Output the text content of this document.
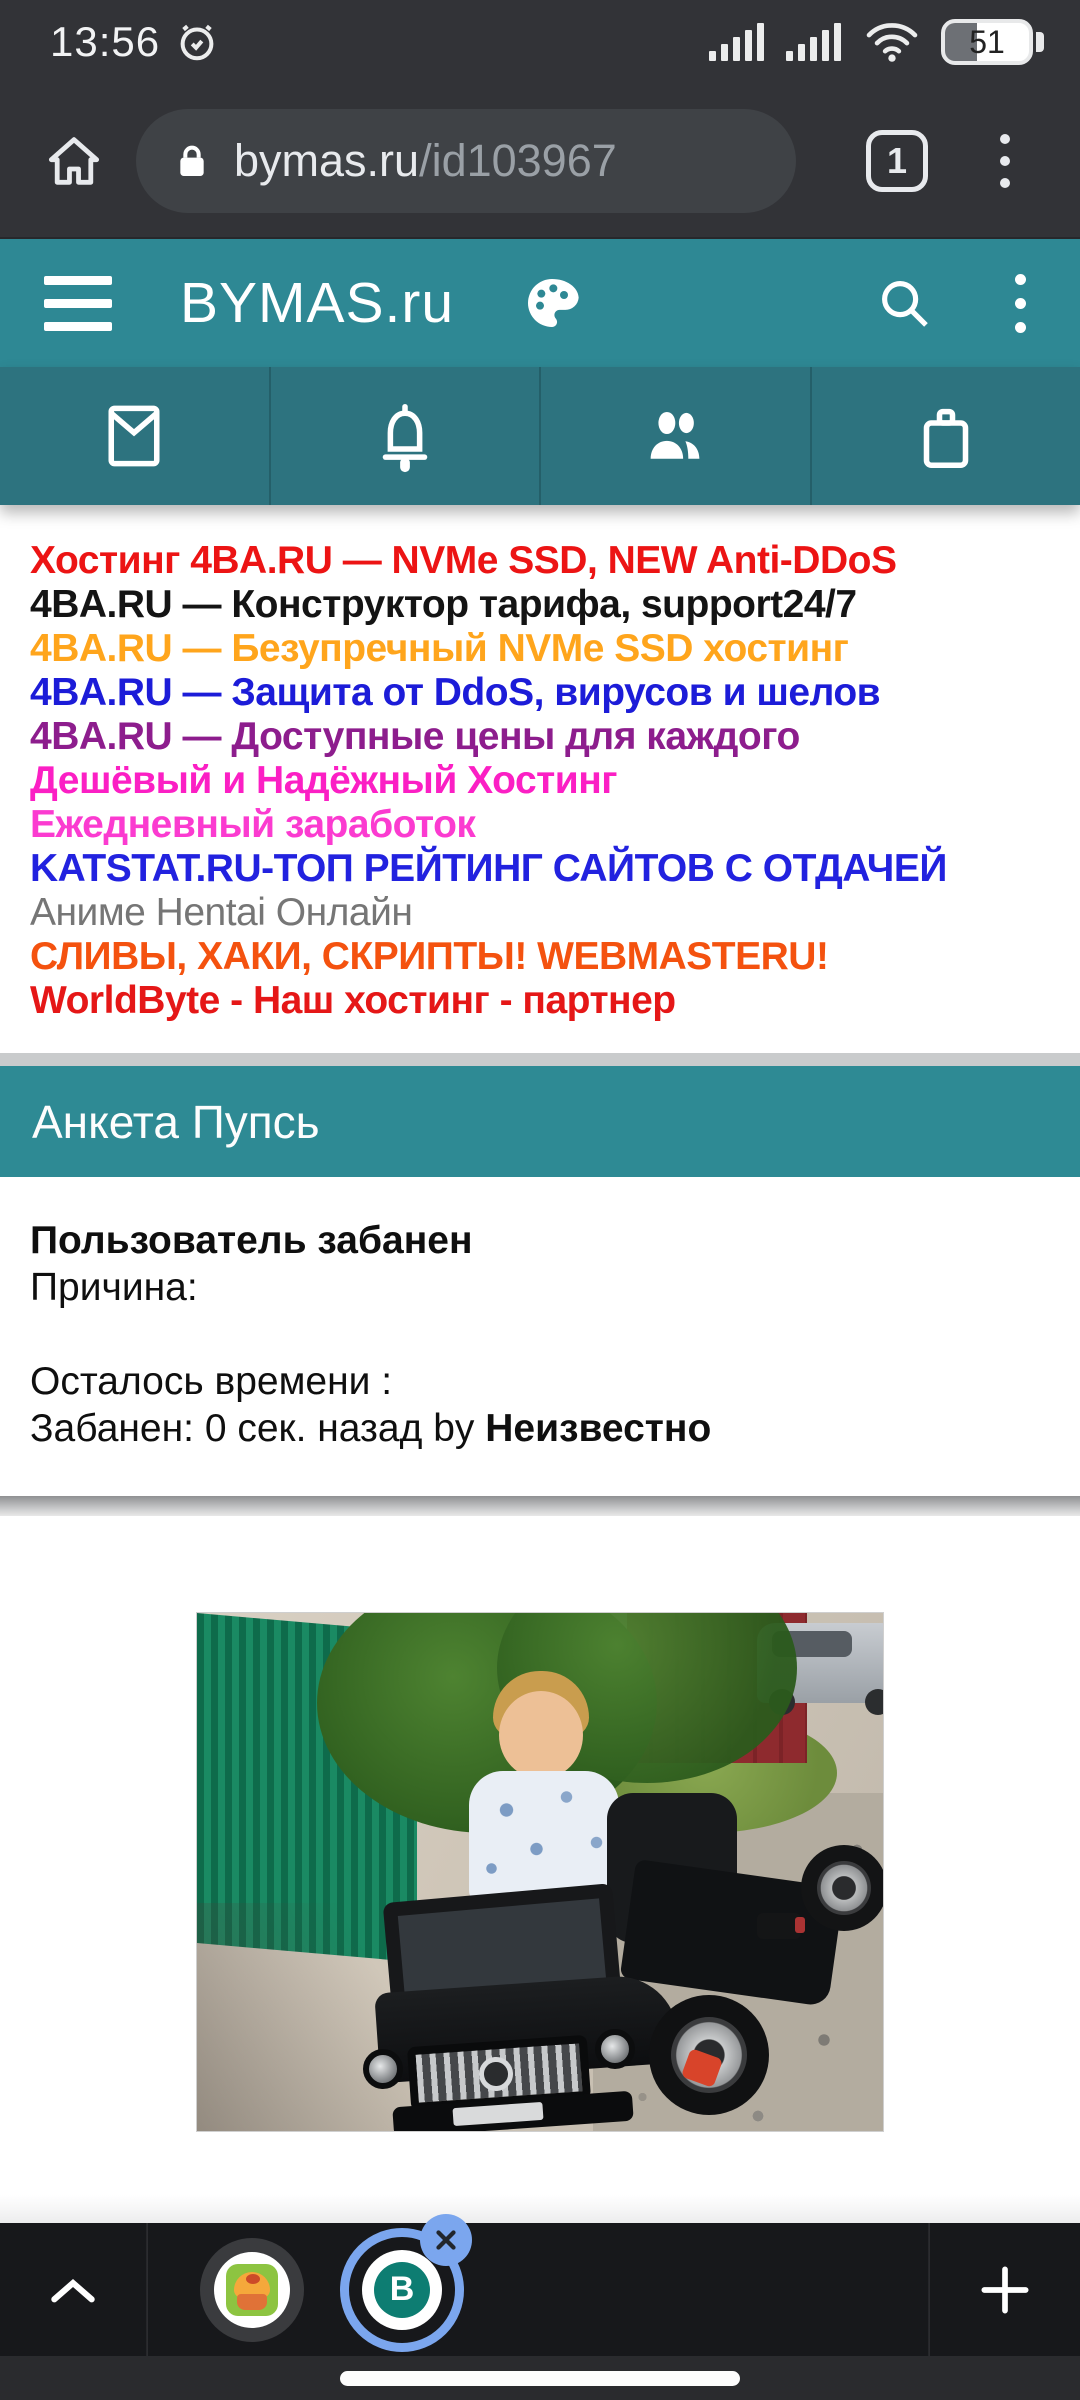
13:56	51
bymas.ru /id103967	1
BYMAS.ru
Хостинг 4BA.RU — NVMe SSD, NEW Anti-DDoS
4BA.RU — Конструктор тарифа, support24/7
4BA.RU — Безупречный NVMe SSD хостинг
4BA.RU — Защита от DdoS, вирусов и шелов
4BA.RU — Доступные цены для каждого
Дешёвый и Надёжный Хостинг
Ежедневный заработок
KATSTAT.RU-ТОП РЕЙТИНГ САЙТОВ С ОТДАЧЕЙ
Аниме Hentai Онлайн
СЛИВЫ, ХАКИ, СКРИПТЫ! WEBMASTERU!
WorldByte - Наш хостинг - партнер
Анкета Пупсь
Пользователь забанен
Причина:
Осталось времени :
Забанен: 0 сек. назад by Неизвестно
B
